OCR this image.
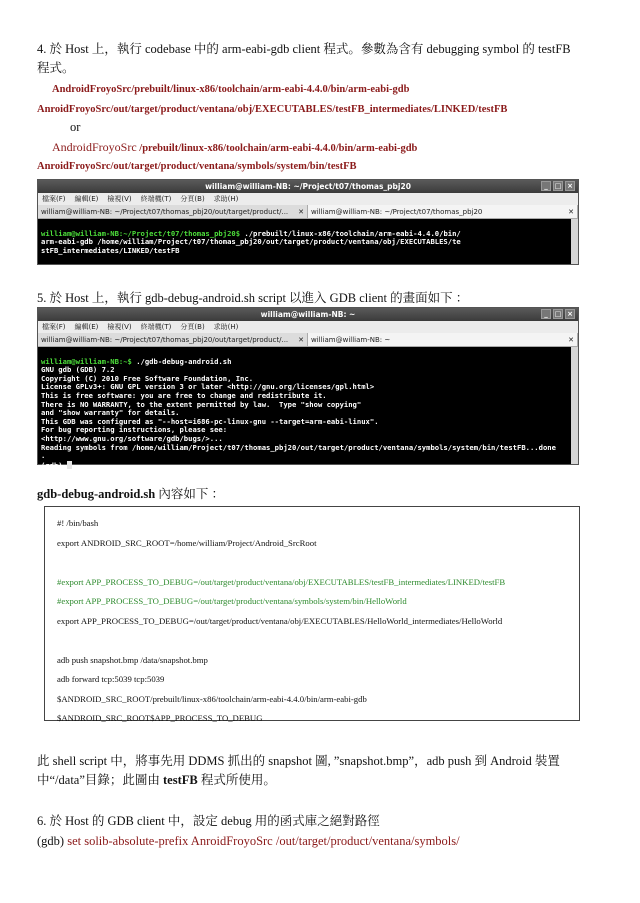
4. 於 Host 上，執行 codebase 中的 arm-eabi-gdb client 程式。參數為含有 debugging symbol 的 testFB
程式。
AndroidFroyoSrc/prebuilt/linux-x86/toolchain/arm-eabi-4.4.0/bin/arm-eabi-gdb
AnroidFroyoSrc/out/target/product/ventana/obj/EXECUTABLES/testFB_intermediates/LINKED/testFB
or
AndroidFroyoSrc /prebuilt/linux-x86/toolchain/arm-eabi-4.4.0/bin/arm-eabi-gdb
AnroidFroyoSrc/out/target/product/ventana/symbols/system/bin/testFB
william@william-NB: ~/Project/t07/thomas_pbj20	_ □ ×
檔案(F) 編輯(E) 檢視(V) 終端機(T) 分頁(B) 求助(H)
william@william-NB: ~/Project/t07/thomas_pbj20/out/target/product/... ✕	william@william-NB: ~/Project/t07/thomas_pbj20	✕

william@william-NB:~/Project/t07/thomas_pbj20$ ./prebuilt/linux-x86/toolchain/arm-eabi-4.4.0/bin/
arm-eabi-gdb /home/william/Project/t07/thomas_pbj20/out/target/product/ventana/obj/EXECUTABLES/te
stFB_intermediates/LINKED/testFB

5. 於 Host 上，執行 gdb-debug-android.sh script 以進入 GDB client 的畫面如下 ：
william@william-NB: ~	_ □ ×
檔案(F) 編輯(E) 檢視(V) 終端機(T) 分頁(B) 求助(H)
william@william-NB: ~/Project/t07/thomas_pbj20/out/target/product/... ✕	william@william-NB: ~	✕

william@william-NB:~$ ./gdb-debug-android.sh
GNU gdb (GDB) 7.2
Copyright (C) 2010 Free Software Foundation, Inc.
License GPLv3+: GNU GPL version 3 or later <http://gnu.org/licenses/gpl.html>
This is free software: you are free to change and redistribute it.
There is NO WARRANTY, to the extent permitted by law.  Type "show copying"
and "show warranty" for details.
This GDB was configured as "--host=i686-pc-linux-gnu --target=arm-eabi-linux".
For bug reporting instructions, please see:
<http://www.gnu.org/software/gdb/bugs/>...
Reading symbols from /home/william/Project/t07/thomas_pbj20/out/target/product/ventana/symbols/system/bin/testFB...done
.
(gdb)

gdb-debug-android.sh 內容如下 ：
#! /bin/bash
export ANDROID_SRC_ROOT=/home/william/Project/Android_SrcRoot
#export APP_PROCESS_TO_DEBUG=/out/target/product/ventana/obj/EXECUTABLES/testFB_intermediates/LINKED/testFB
#export APP_PROCESS_TO_DEBUG=/out/target/product/ventana/symbols/system/bin/HelloWorld
export APP_PROCESS_TO_DEBUG=/out/target/product/ventana/obj/EXECUTABLES/HelloWorld_intermediates/HelloWorld
adb push snapshot.bmp /data/snapshot.bmp
adb forward tcp:5039 tcp:5039
$ANDROID_SRC_ROOT/prebuilt/linux-x86/toolchain/arm-eabi-4.4.0/bin/arm-eabi-gdb
$ANDROID_SRC_ROOT$APP_PROCESS_TO_DEBUG
此 shell script 中，將事先用 DDMS 抓出的 snapshot 圖, ”snapshot.bmp”，adb push 到 Android 裝置
中“/data”目錄；此圖由 testFB 程式所使用。
6. 於 Host 的 GDB client 中，設定 debug 用的函式庫之絕對路徑
(gdb) set solib-absolute-prefix AnroidFroyoSrc /out/target/product/ventana/symbols/
